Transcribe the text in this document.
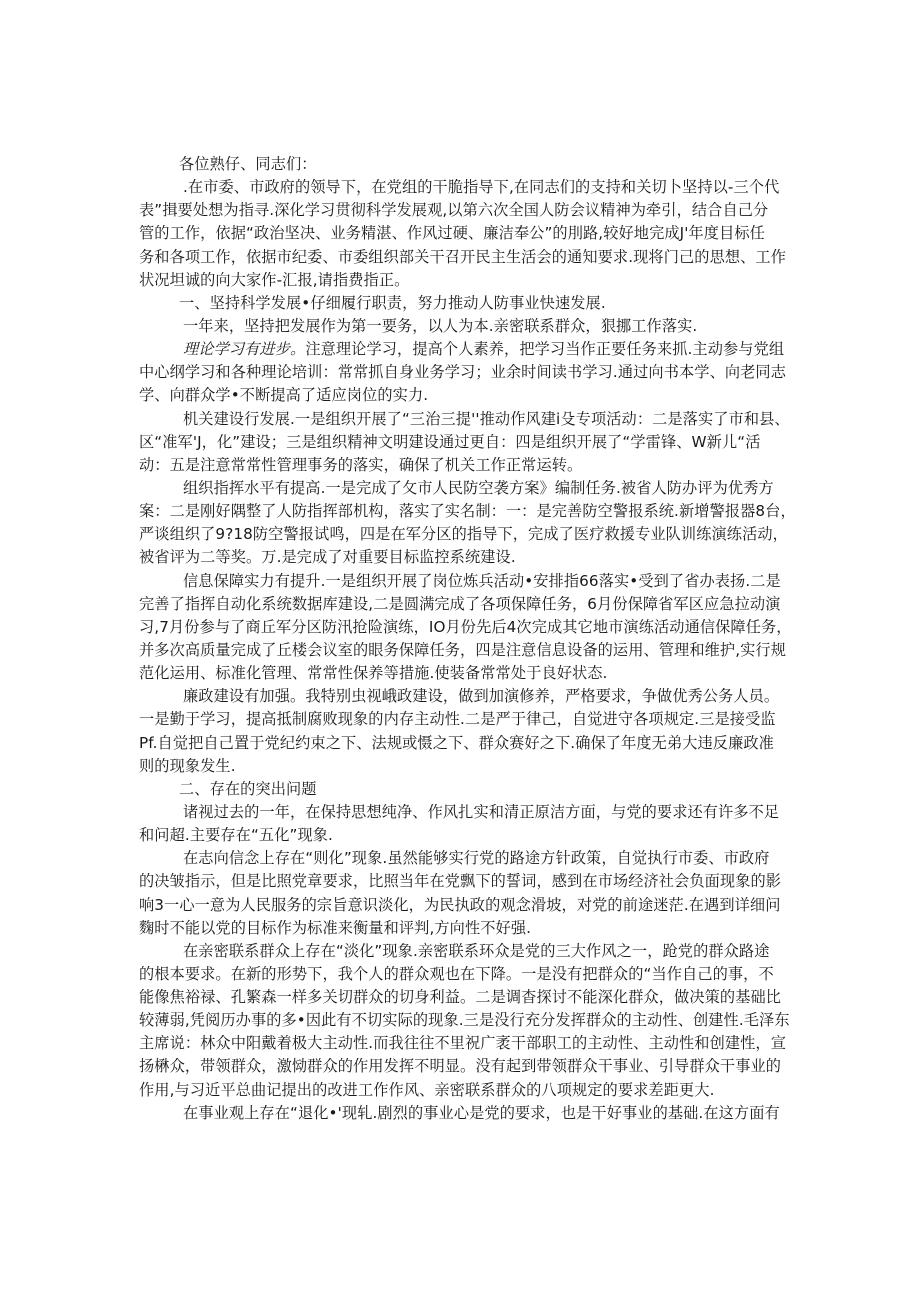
各位熟仔、同志们：
.在市委、市政府的领导下，在党组的干脆指导下,在同志们的支持和关切卜坚持以-三个代
表”揖要处想为指寻.深化学习贯彻科学发展观,以第六次全国人防会议精神为牵引，结合自己分
管的工作，依据“政治坚决、业务精湛、作风过硬、廉洁奉公”的刖路,较好地完成J'年度目标任
务和各项工作，依据市纪委、市委组织部关干召开民主生活会的通知要求.现将门己的思想、工作
状况坦诚的向大家作-汇报,请指费指正。
一、坚持科学发展•仔细履行职责，努力推动人防事业快速发展.
一年来，坚持把发展作为第一要务，以人为本.亲密联系群众，狠挪工作落实.
理论学习有进步。注意理论学习，提高个人素养，把学习当作正要任务来抓.主动参与党组
中心纲学习和各种理论培训：常常抓自身业务学习；业余时间读书学习.通过向书本学、向老同志
学、向群众学•不断提高了适应岗位的实力.
机关建设行发展.一是组织开展了“三治三提''推动作风建i殳专项活动：二是落实了市和县、
区“准军'J，化”建设；三是组织精神文明建设通过更自：四是组织开展了“学雷锋、W新儿“活
动：五是注意常常性管理事务的落实，确保了机关工作正常运转。
组织指挥水平有提高.一是完成了攵市人民防空袭方案》编制任务.被省人防办评为优秀方
案：二是刚好隅整了人防指挥部机构，落实了实名制：一：是完善防空警报系统.新增警报器8台，
严谈组织了9?18防空警报试鸣，四是在军分区的指导下，完成了医疗救援专业队训练演练活动，
被省评为二等奖。万.是完成了对重要目标监控系统建设.
信息保障实力有提升.一是组织开展了岗位炼兵活动•安排指66落实•受到了省办表扬.二是
完善了指挥自动化系统数据库建设,二是圆满完成了各项保障任务，6月份保障省军区应急拉动演
习,7月份参与了商丘军分区防汛抢险演练，IO月份先后4次完成其它地市演练活动通信保障任务，
并多次高质量完成了丘楼会议室的眼务保障任务，四是注意信息设备的运用、管理和维护,实行规
范化运用、标准化管理、常常性保养等措施.使装备常常处于良好状态.
廉政建设有加强。我特别虫视峨政建设，做到加演修养，严格要求，争做优秀公务人员。
一是勤于学习，提高抵制腐败现象的内存主动性.二是严于律己，自觉进守各项规定.三是接受监
Pf.自觉把自己置于党纪约束之下、法规或慑之下、群众赛好之下.确保了年度无弟大违反廉政准
则的现象发生.
二、存在的突出问题
诸视过去的一年，在保持思想纯净、作风扎实和清正原洁方面，与党的要求还有许多不足
和问超.主要存在“五化”现象.
在志向信念上存在“则化”现象.虽然能够实行党的路途方针政策，自觉执行市委、市政府
的决皱指示，但是比照党章要求，比照当年在党飘下的誓词，感到在市场经济社会负面现象的影
响3一心一意为人民服务的宗旨意识淡化，为民执政的观念滑坡，对党的前途迷茫.在遇到详细问
麴时不能以党的目标作为标准来衡量和评判,方向性不好强.
在亲密联系群众上存在“淡化”现象.亲密联系环众是党的三大作风之一，跄党的群众路途
的根本要求。在新的形势下，我个人的群众观也在下降。一是没有把群众的“当作自己的事，不
能像焦裕禄、孔繁森一样多关切群众的切身利益。二是调杳探讨不能深化群众，做决策的基础比
较薄弱,凭阅历办事的多•因此有不切实际的现象.三是没行充分发挥群众的主动性、创建性.毛泽东
主席说：林众中阳戴着极大主动性.而我往往不里祝广袤干部职工的主动性、主动性和创建性，宣
扬楙众，带领群众，激恸群众的作用发挥不明显。没有起到带领群众干事业、引导群众干事业的
作用,与习近平总曲记提出的改进工作作风、亲密联系群众的八项规定的要求差距更大.
在事业观上存在“退化•'现轧.剧烈的事业心是党的要求，也是干好事业的基础.在这方面有
